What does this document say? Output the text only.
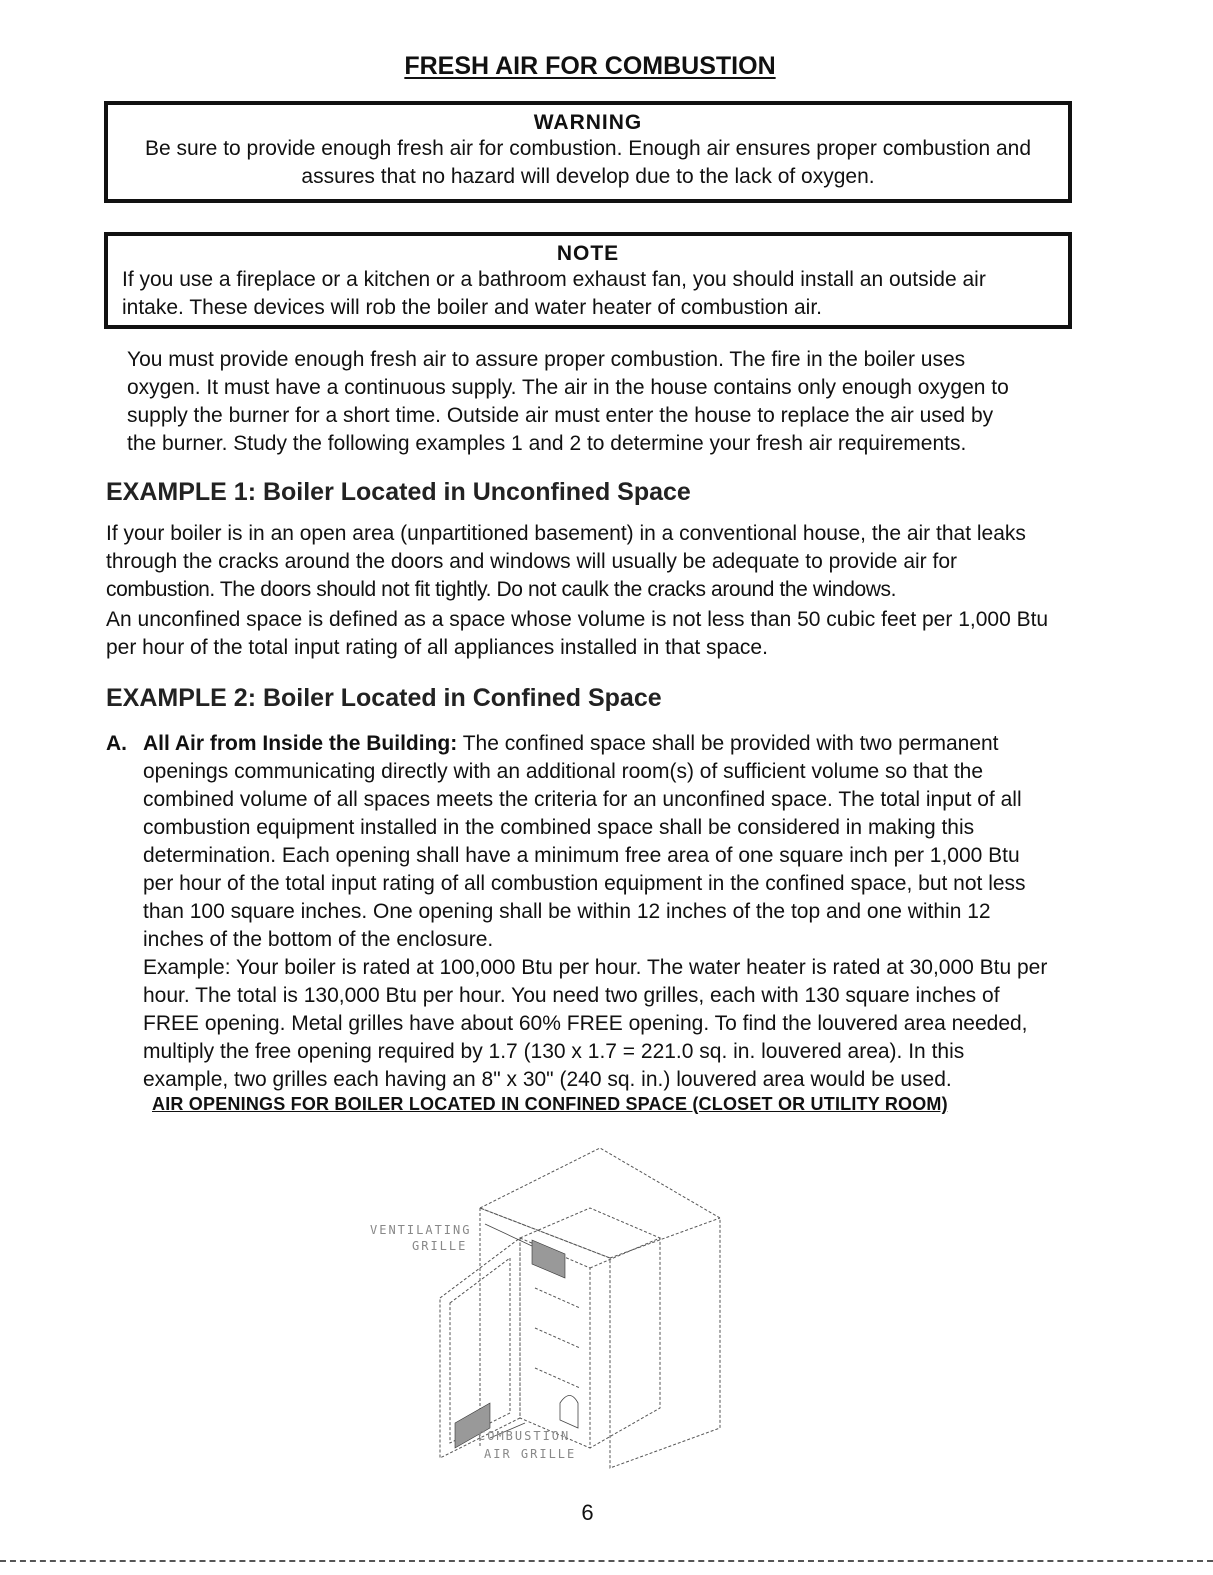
FRESH AIR FOR COMBUSTION
WARNING
Be sure to provide enough fresh air for combustion. Enough air ensures proper combustion and
assures that no hazard will develop due to the lack of oxygen.
NOTE
If you use a fireplace or a kitchen or a bathroom exhaust fan, you should install an outside air
intake. These devices will rob the boiler and water heater of combustion air.
You must provide enough fresh air to assure proper combustion. The fire in the boiler uses
oxygen. It must have a continuous supply. The air in the house contains only enough oxygen to
supply the burner for a short time. Outside air must enter the house to replace the air used by
the burner. Study the following examples 1 and 2 to determine your fresh air requirements.
EXAMPLE 1: Boiler Located in Unconfined Space
If your boiler is in an open area (unpartitioned basement) in a conventional house, the air that leaks
through the cracks around the doors and windows will usually be adequate to provide air for
combustion. The doors should not fit tightly. Do not caulk the cracks around the windows.
An unconfined space is defined as a space whose volume is not less than 50 cubic feet per 1,000 Btu
per hour of the total input rating of all appliances installed in that space.
EXAMPLE 2: Boiler Located in Confined Space
A. All Air from Inside the Building: The confined space shall be provided with two permanent
openings communicating directly with an additional room(s) of sufficient volume so that the
combined volume of all spaces meets the criteria for an unconfined space. The total input of all
combustion equipment installed in the combined space shall be considered in making this
determination. Each opening shall have a minimum free area of one square inch per 1,000 Btu
per hour of the total input rating of all combustion equipment in the confined space, but not less
than 100 square inches. One opening shall be within 12 inches of the top and one within 12
inches of the bottom of the enclosure.
Example: Your boiler is rated at 100,000 Btu per hour. The water heater is rated at 30,000 Btu per
hour. The total is 130,000 Btu per hour. You need two grilles, each with 130 square inches of
FREE opening. Metal grilles have about 60% FREE opening. To find the louvered area needed,
multiply the free opening required by 1.7 (130 x 1.7 = 221.0 sq. in. louvered area). In this
example, two grilles each having an 8" x 30" (240 sq. in.) louvered area would be used.
AIR OPENINGS FOR BOILER LOCATED IN CONFINED SPACE (CLOSET OR UTILITY ROOM)
VENTILATING
GRILLE
COMBUSTION
AIR GRILLE
6
